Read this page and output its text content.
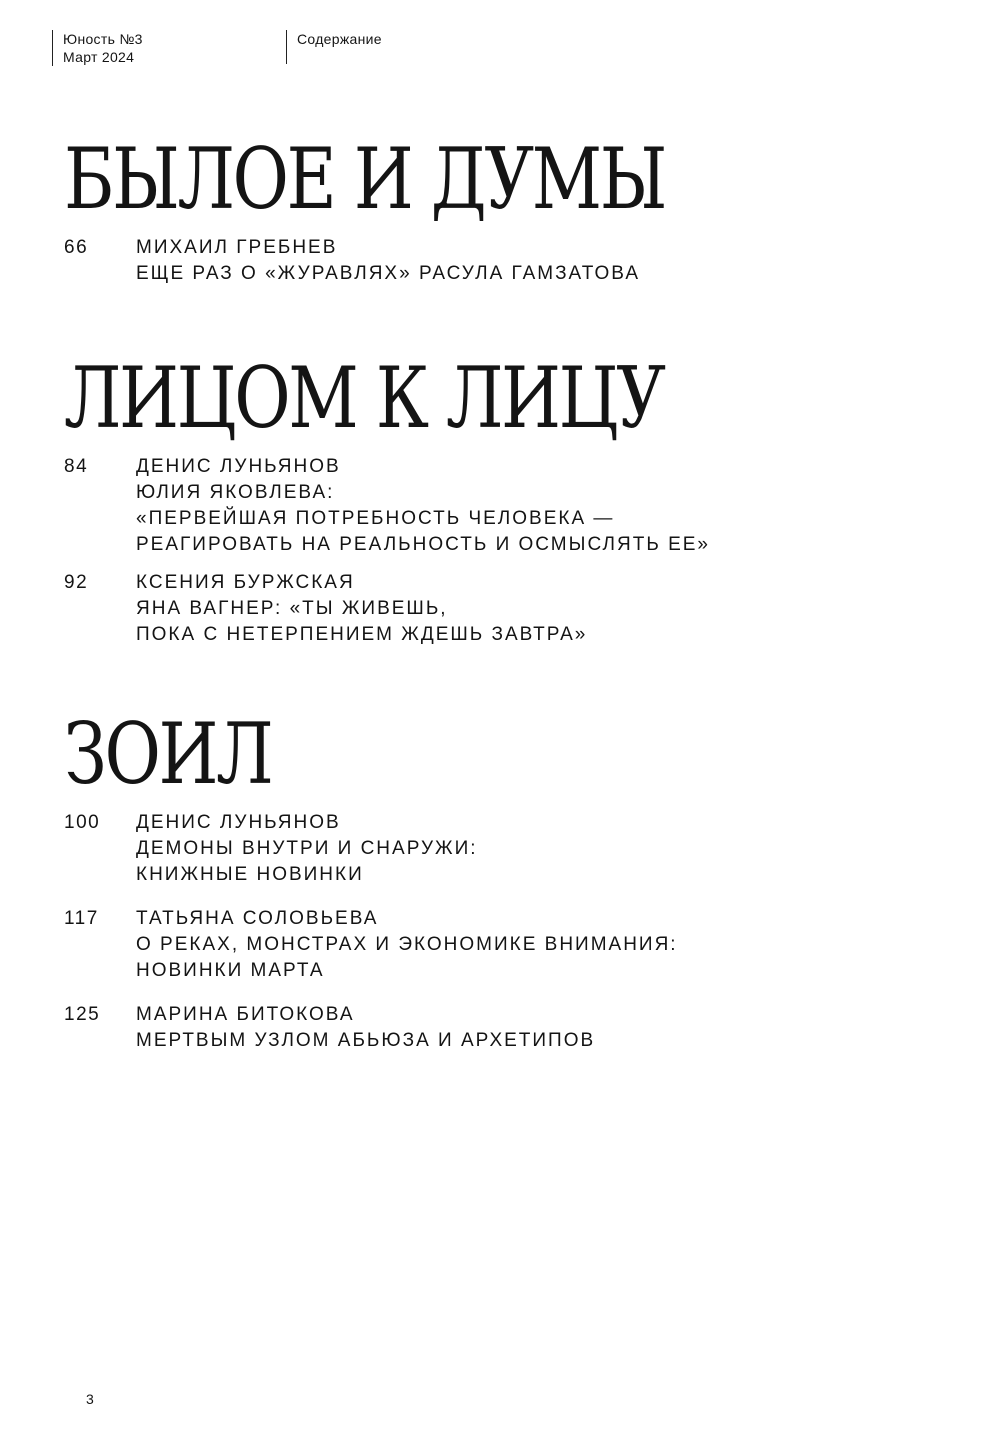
Юность №3
Март 2024
Содержание
БЫЛОЕ И ДУМЫ
66	МИХАИЛ ГРЕБНЕВ
ЕЩЕ РАЗ О «ЖУРАВЛЯХ» РАСУЛА ГАМЗАТОВА
ЛИЦОМ К ЛИЦУ
84	ДЕНИС ЛУНЬЯНОВ
ЮЛИЯ ЯКОВЛЕВА:
«ПЕРВЕЙШАЯ ПОТРЕБНОСТЬ ЧЕЛОВЕКА —
РЕАГИРОВАТЬ НА РЕАЛЬНОСТЬ И ОСМЫСЛЯТЬ ЕЕ»
92	КСЕНИЯ БУРЖСКАЯ
ЯНА ВАГНЕР: «ТЫ ЖИВЕШЬ,
ПОКА С НЕТЕРПЕНИЕМ ЖДЕШЬ ЗАВТРА»
ЗОИЛ
100	ДЕНИС ЛУНЬЯНОВ
ДЕМОНЫ ВНУТРИ И СНАРУЖИ:
КНИЖНЫЕ НОВИНКИ
117	ТАТЬЯНА СОЛОВЬЕВА
О РЕКАХ, МОНСТРАХ И ЭКОНОМИКЕ ВНИМАНИЯ:
НОВИНКИ МАРТА
125	МАРИНА БИТОКОВА
МЕРТВЫМ УЗЛОМ АБЬЮЗА И АРХЕТИПОВ
3
